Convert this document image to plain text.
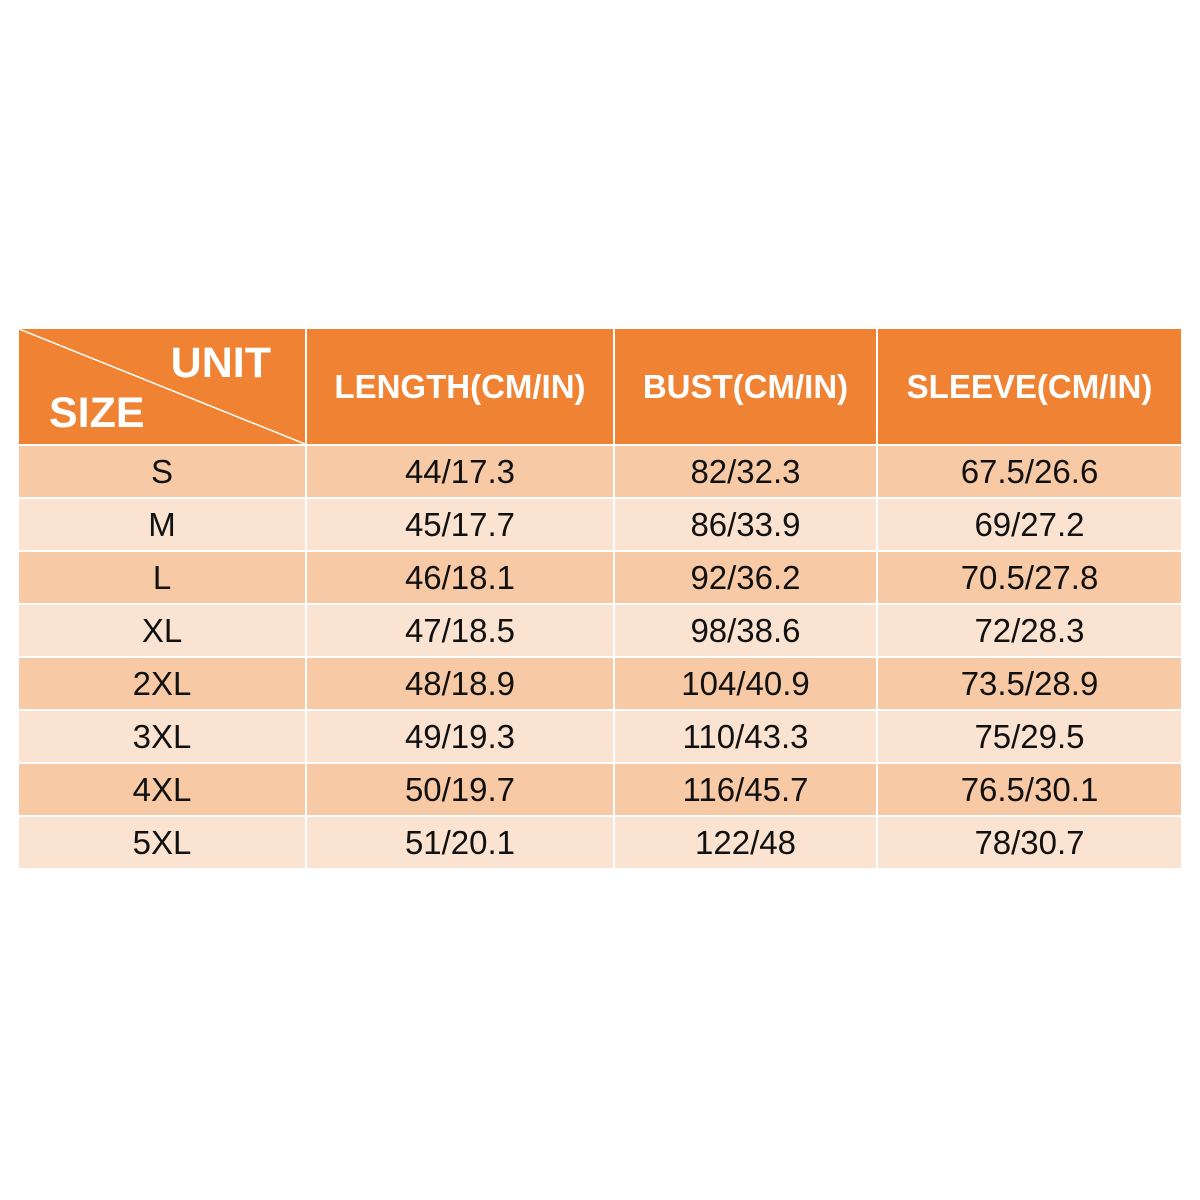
UNIT
SIZE	LENGTH(CM/IN)	BUST(CM/IN)	SLEEVE(CM/IN)
S	44/17.3	82/32.3	67.5/26.6
M	45/17.7	86/33.9	69/27.2
L	46/18.1	92/36.2	70.5/27.8
XL	47/18.5	98/38.6	72/28.3
2XL	48/18.9	104/40.9	73.5/28.9
3XL	49/19.3	110/43.3	75/29.5
4XL	50/19.7	116/45.7	76.5/30.1
5XL	51/20.1	122/48	78/30.7
